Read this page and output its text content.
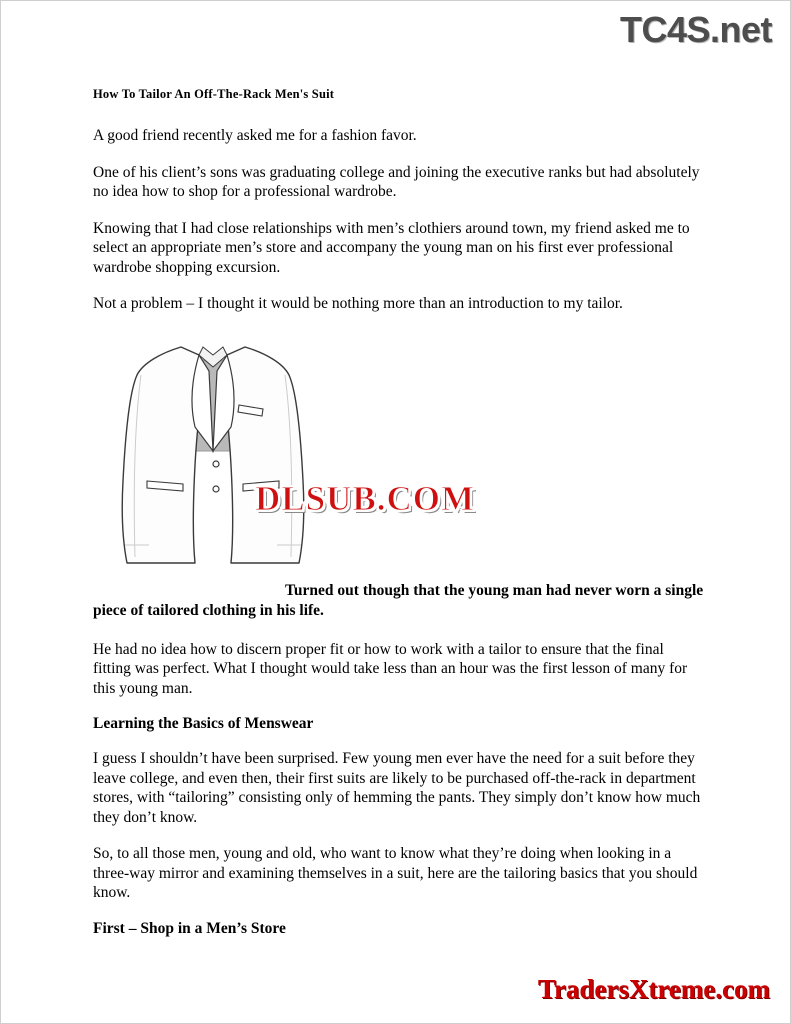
TC4S.net
How To Tailor An Off-The-Rack Men's Suit

A good friend recently asked me for a fashion favor.

One of his client’s sons was graduating college and joining the executive ranks but had absolutely no idea how to shop for a professional wardrobe.

Knowing that I had close relationships with men’s clothiers around town, my friend asked me to select an appropriate men’s store and accompany the young man on his first ever professional wardrobe shopping excursion.

Not a problem – I thought it would be nothing more than an introduction to my tailor.

DLSUB.COM
Turned out though that the young man had never worn a single piece of tailored clothing in his life.

He had no idea how to discern proper fit or how to work with a tailor to ensure that the final fitting was perfect. What I thought would take less than an hour was the first lesson of many for this young man.

Learning the Basics of Menswear

I guess I shouldn’t have been surprised. Few young men ever have the need for a suit before they leave college, and even then, their first suits are likely to be purchased off-the-rack in department stores, with “tailoring” consisting only of hemming the pants. They simply don’t know how much they don’t know.

So, to all those men, young and old, who want to know what they’re doing when looking in a three-way mirror and examining themselves in a suit, here are the tailoring basics that you should know.

First – Shop in a Men’s Store
TradersXtreme.com
